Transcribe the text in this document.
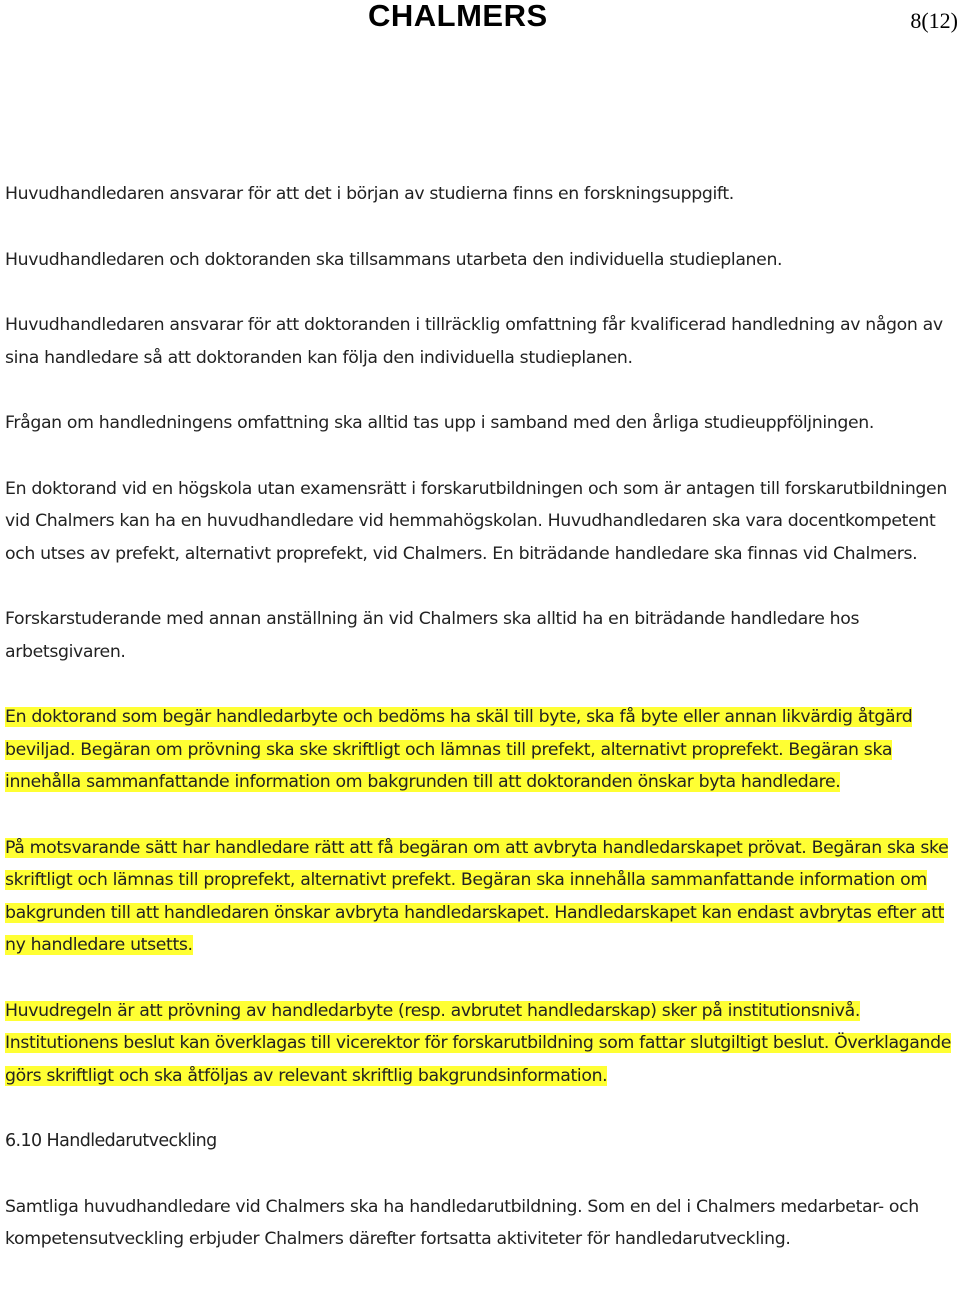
CHALMERS	8(12)

Huvudhandledaren ansvarar för att det i början av studierna finns en forskningsuppgift.

Huvudhandledaren och doktoranden ska tillsammans utarbeta den individuella studieplanen.

Huvudhandledaren ansvarar för att doktoranden i tillräcklig omfattning får kvalificerad handledning av någon av sina handledare så att doktoranden kan följa den individuella studieplanen.

Frågan om handledningens omfattning ska alltid tas upp i samband med den årliga studieuppföljningen.

En doktorand vid en högskola utan examensrätt i forskarutbildningen och som är antagen till forskarutbildningen vid Chalmers kan ha en huvudhandledare vid hemmahögskolan. Huvudhandledaren ska vara docentkompetent och utses av prefekt, alternativt proprefekt, vid Chalmers. En biträdande handledare ska finnas vid Chalmers.

Forskarstuderande med annan anställning än vid Chalmers ska alltid ha en biträdande handledare hos arbetsgivaren.

En doktorand som begär handledarbyte och bedöms ha skäl till byte, ska få byte eller annan likvärdig åtgärd beviljad. Begäran om prövning ska ske skriftligt och lämnas till prefekt, alternativt proprefekt. Begäran ska innehålla sammanfattande information om bakgrunden till att doktoranden önskar byta handledare.

På motsvarande sätt har handledare rätt att få begäran om att avbryta handledarskapet prövat. Begäran ska ske skriftligt och lämnas till proprefekt, alternativt prefekt. Begäran ska innehålla sammanfattande information om bakgrunden till att handledaren önskar avbryta handledarskapet. Handledarskapet kan endast avbrytas efter att ny handledare utsetts.

Huvudregeln är att prövning av handledarbyte (resp. avbrutet handledarskap) sker på institutionsnivå. Institutionens beslut kan överklagas till vicerektor för forskarutbildning som fattar slutgiltigt beslut. Överklagande görs skriftligt och ska åtföljas av relevant skriftlig bakgrundsinformation.

6.10 Handledarutveckling

Samtliga huvudhandledare vid Chalmers ska ha handledarutbildning. Som en del i Chalmers medarbetar- och kompetensutveckling erbjuder Chalmers därefter fortsatta aktiviteter för handledarutveckling.
